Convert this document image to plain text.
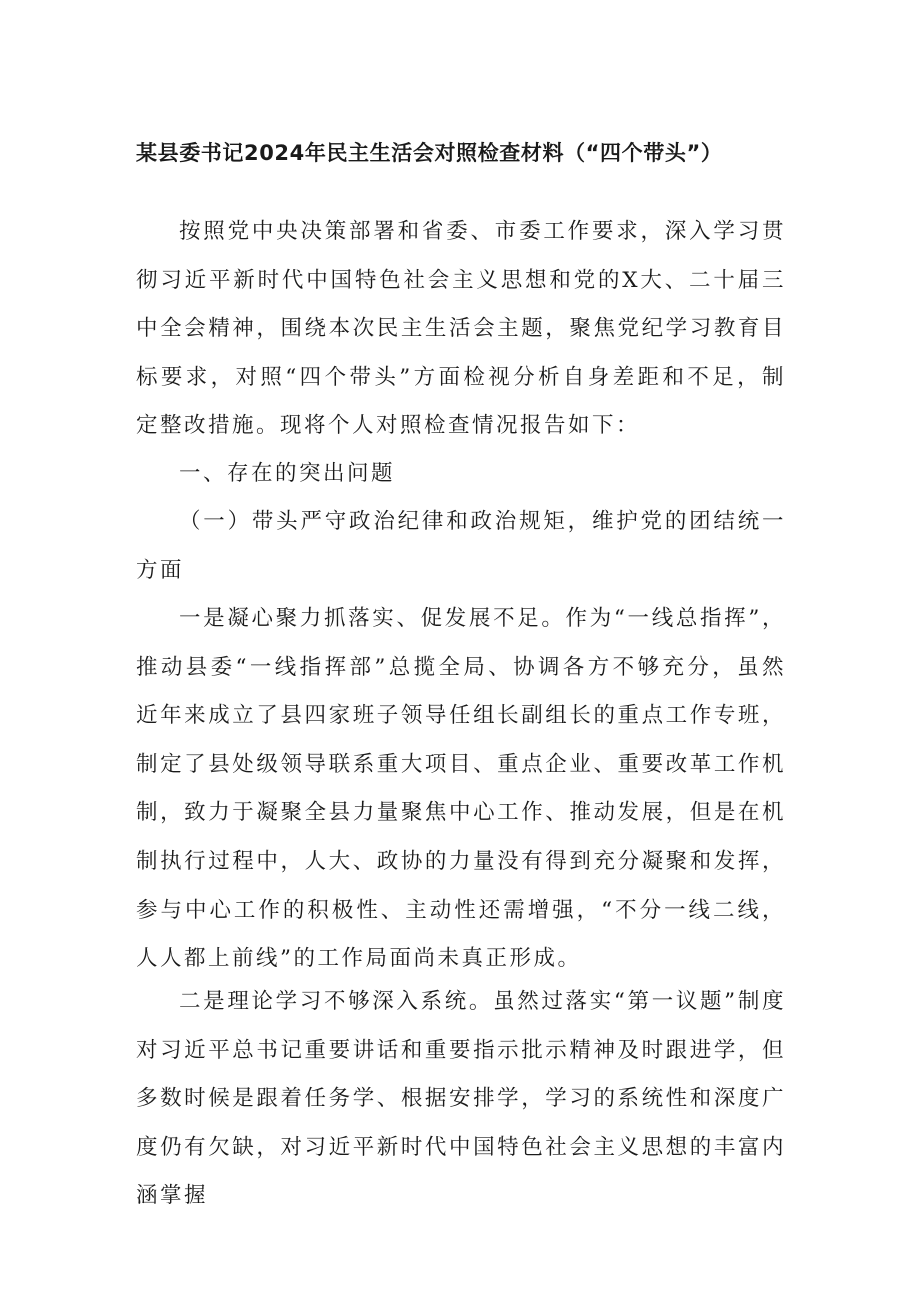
某县委书记2024年民主生活会对照检查材料（“四个带头”）

按照党中央决策部署和省委、市委工作要求，深入学习贯彻习近平新时代中国特色社会主义思想和党的X大、二十届三中全会精神，围绕本次民主生活会主题，聚焦党纪学习教育目标要求，对照“四个带头”方面检视分析自身差距和不足，制定整改措施。现将个人对照检查情况报告如下：

一、存在的突出问题

（一）带头严守政治纪律和政治规矩，维护党的团结统一方面

一是凝心聚力抓落实、促发展不足。作为“一线总指挥”，推动县委“一线指挥部”总揽全局、协调各方不够充分，虽然近年来成立了县四家班子领导任组长副组长的重点工作专班，制定了县处级领导联系重大项目、重点企业、重要改革工作机制，致力于凝聚全县力量聚焦中心工作、推动发展，但是在机制执行过程中，人大、政协的力量没有得到充分凝聚和发挥，参与中心工作的积极性、主动性还需增强，“不分一线二线，人人都上前线”的工作局面尚未真正形成。

二是理论学习不够深入系统。虽然过落实“第一议题”制度对习近平总书记重要讲话和重要指示批示精神及时跟进学，但多数时候是跟着任务学、根据安排学，学习的系统性和深度广度仍有欠缺，对习近平新时代中国特色社会主义思想的丰富内涵掌握
